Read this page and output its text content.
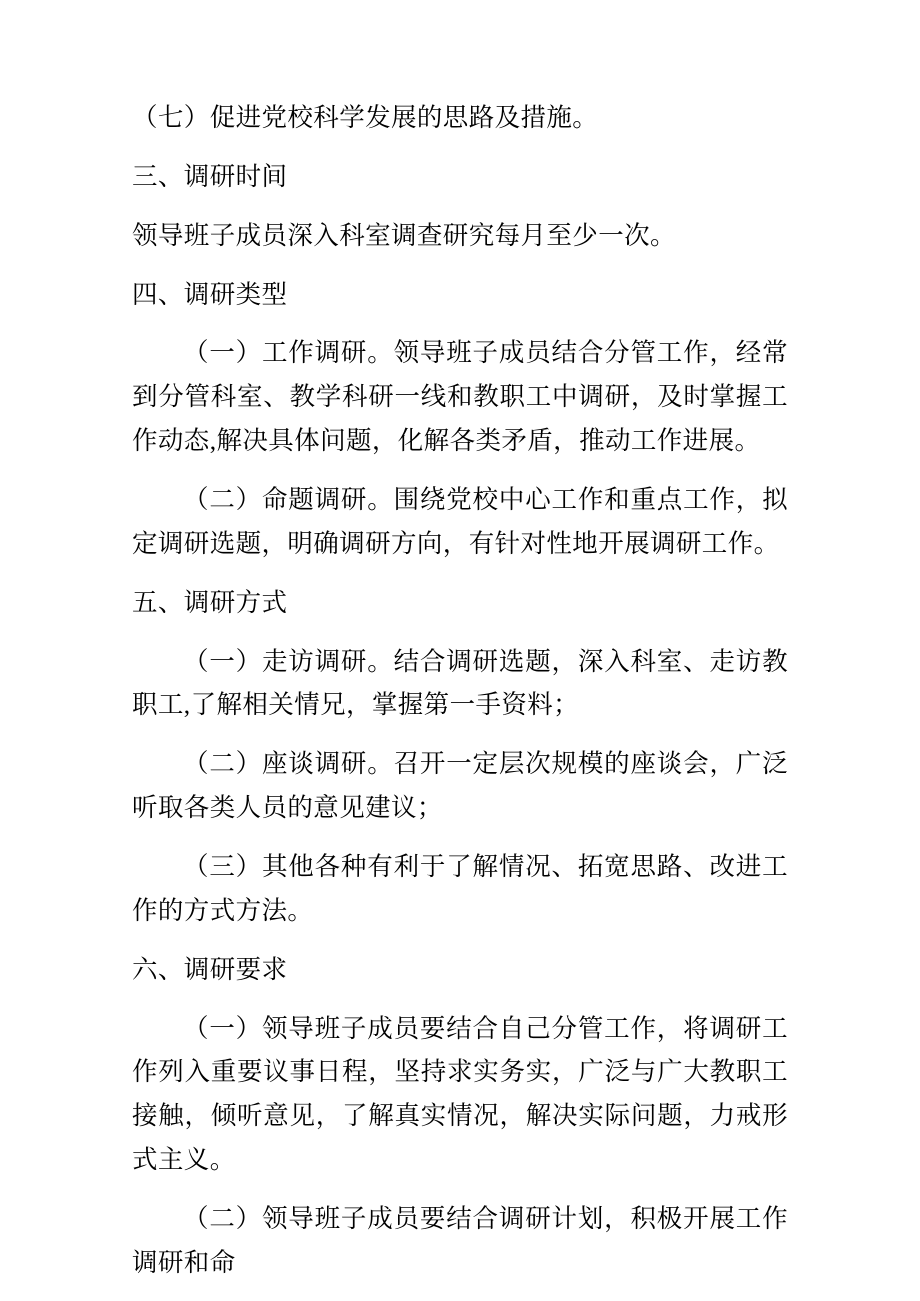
（七）促进党校科学发展的思路及措施。

三、调研时间

领导班子成员深入科室调查研究每月至少一次。

四、调研类型

（一）工作调研。领导班子成员结合分管工作，经常到分管科室、教学科研一线和教职工中调研，及时掌握工作动态,解决具体问题，化解各类矛盾，推动工作进展。

（二）命题调研。围绕党校中心工作和重点工作，拟定调研选题，明确调研方向，有针对性地开展调研工作。

五、调研方式

（一）走访调研。结合调研选题，深入科室、走访教职工,了解相关情兄，掌握第一手资料；

（二）座谈调研。召开一定层次规模的座谈会，广泛听取各类人员的意见建议；

（三）其他各种有利于了解情况、拓宽思路、改进工作的方式方法。

六、调研要求

（一）领导班子成员要结合自己分管工作，将调研工作列入重要议事日程，坚持求实务实，广泛与广大教职工接触，倾听意见，了解真实情况，解决实际问题，力戒形式主义。

（二）领导班子成员要结合调研计划，积极开展工作调研和命
